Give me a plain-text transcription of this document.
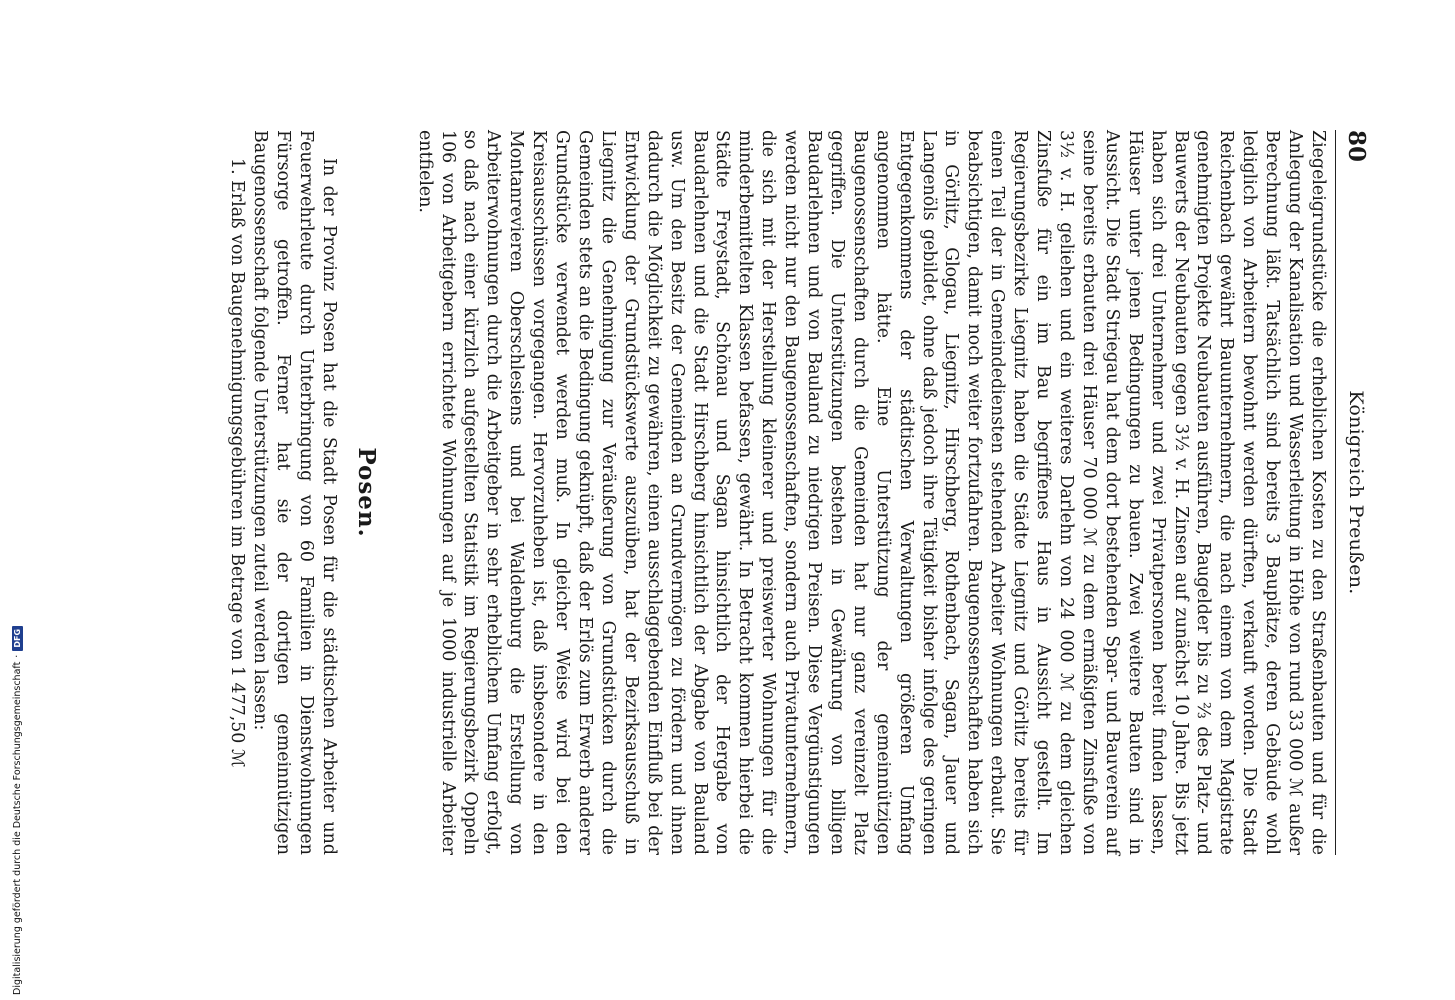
80
Königreich Preußen.

Ziegeleigrundstücke die erheblichen Kosten zu den Straßenbauten und für die Anlegung der Kanalisation und Wasserleitung in Höhe von rund 33 000 ℳ außer Berechnung läßt. Tatsächlich sind bereits 3 Bauplätze, deren Gebäude wohl lediglich von Arbeitern bewohnt werden dürften, verkauft worden. Die Stadt Reichenbach gewährt Bauunternehmern, die nach einem von dem Magistrate genehmigten Projekte Neubauten ausführen, Baugelder bis zu ⅔ des Platz- und Bauwerts der Neubauten gegen 3½ v. H. Zinsen auf zunächst 10 Jahre. Bis jetzt haben sich drei Unternehmer und zwei Privatpersonen bereit finden lassen, Häuser unter jenen Bedingungen zu bauen. Zwei weitere Bauten sind in Aussicht. Die Stadt Striegau hat dem dort bestehenden Spar- und Bauverein auf seine bereits erbauten drei Häuser 70 000 ℳ zu dem ermäßigten Zinsfuße von 3½ v. H. geliehen und ein weiteres Darlehn von 24 000 ℳ zu dem gleichen Zinsfuße für ein im Bau begriffenes Haus in Aussicht gestellt. Im Regierungsbezirke Liegnitz haben die Städte Liegnitz und Görlitz bereits für einen Teil der in Gemeindediensten stehenden Arbeiter Wohnungen erbaut. Sie beabsichtigen, damit noch weiter fortzufahren. Baugenossenschaften haben sich in Görlitz, Glogau, Liegnitz, Hirschberg, Rothenbach, Sagan, Jauer und Langenöls gebildet, ohne daß jedoch ihre Tätigkeit bisher infolge des geringen Entgegenkommens der städtischen Verwaltungen größeren Umfang angenommen hätte. Eine Unterstützung der gemeinnützigen Baugenossenschaften durch die Gemeinden hat nur ganz vereinzelt Platz gegriffen. Die Unterstützungen bestehen in Gewährung von billigen Baudarlehnen und von Bauland zu niedrigen Preisen. Diese Vergünstigungen werden nicht nur den Baugenossenschaften, sondern auch Privatunternehmern, die sich mit der Herstellung kleinerer und preiswerter Wohnungen für die minderbemittelten Klassen befassen, gewährt. In Betracht kommen hierbei die Städte Freystadt, Schönau und Sagan hinsichtlich der Hergabe von Baudarlehnen und die Stadt Hirschberg hinsichtlich der Abgabe von Bauland usw. Um den Besitz der Gemeinden an Grundvermögen zu fördern und ihnen dadurch die Möglichkeit zu gewähren, einen ausschlaggebenden Einfluß bei der Entwicklung der Grundstückswerte auszuüben, hat der Bezirksausschuß in Liegnitz die Genehmigung zur Veräußerung von Grundstücken durch die Gemeinden stets an die Bedingung geknüpft, daß der Erlös zum Erwerb anderer Grundstücke verwendet werden muß. In gleicher Weise wird bei den Kreisausschüssen vorgegangen. Hervorzuheben ist, daß insbesondere in den Montanrevieren Oberschlesiens und bei Waldenburg die Erstellung von Arbeiterwohnungen durch die Arbeitgeber in sehr erheblichem Umfang erfolgt, so daß nach einer kürzlich aufgestellten Statistik im Regierungsbezirk Oppeln 106 von Arbeitgebern errichtete Wohnungen auf je 1000 industrielle Arbeiter entfielen.

Posen.

In der Provinz Posen hat die Stadt Posen für die städtischen Arbeiter und Feuerwehrleute durch Unterbringung von 60 Familien in Dienstwohnungen Fürsorge getroffen. Ferner hat sie der dortigen gemeinnützigen Baugenossenschaft folgende Unterstützungen zuteil werden lassen:

1. Erlaß von Baugenehmigungsgebühren im Betrage von 1 477,50 ℳ

Digitalisierung gefördert durch die Deutsche Forschungsgemeinschaft
·
DFG
